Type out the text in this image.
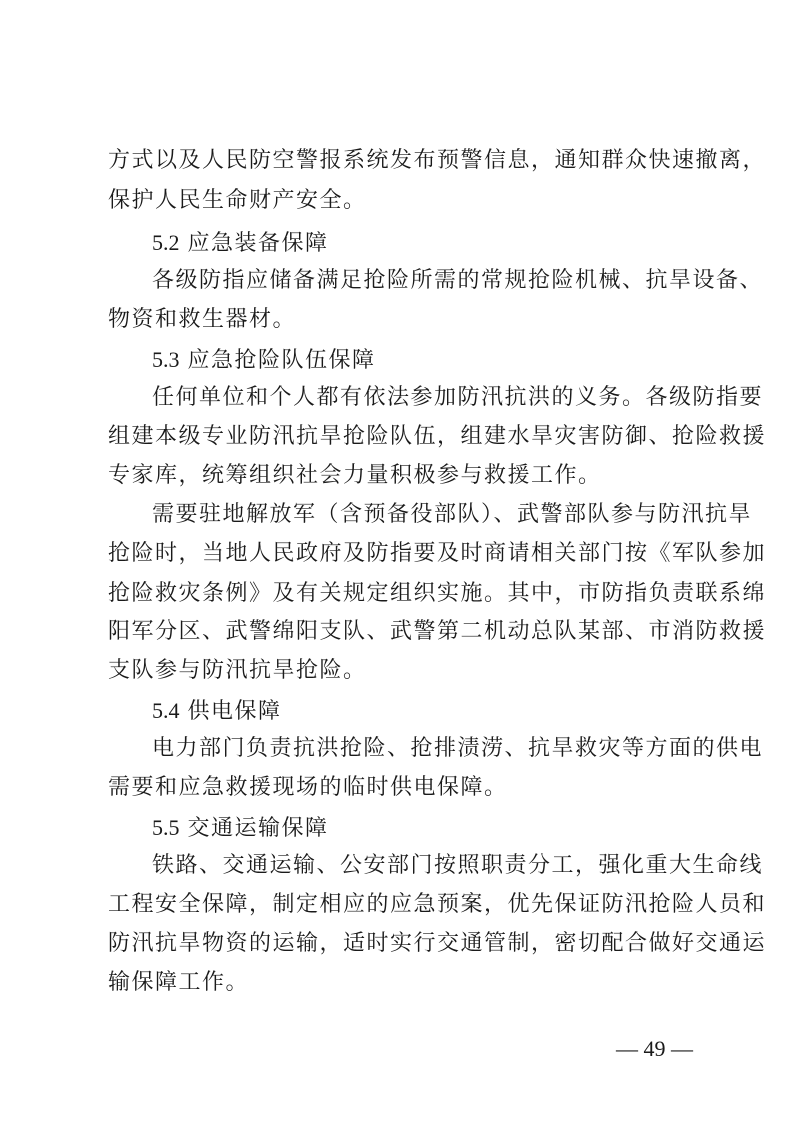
方式以及人民防空警报系统发布预警信息，通知群众快速撤离，
保护人民生命财产安全。
5.2 应急装备保障
各级防指应储备满足抢险所需的常规抢险机械、抗旱设备、
物资和救生器材。
5.3 应急抢险队伍保障
任何单位和个人都有依法参加防汛抗洪的义务。各级防指要
组建本级专业防汛抗旱抢险队伍，组建水旱灾害防御、抢险救援
专家库，统筹组织社会力量积极参与救援工作。
需要驻地解放军（含预备役部队）、武警部队参与防汛抗旱
抢险时，当地人民政府及防指要及时商请相关部门按《军队参加
抢险救灾条例》及有关规定组织实施。其中，市防指负责联系绵
阳军分区、武警绵阳支队、武警第二机动总队某部、市消防救援
支队参与防汛抗旱抢险。
5.4 供电保障
电力部门负责抗洪抢险、抢排渍涝、抗旱救灾等方面的供电
需要和应急救援现场的临时供电保障。
5.5 交通运输保障
铁路、交通运输、公安部门按照职责分工，强化重大生命线
工程安全保障，制定相应的应急预案，优先保证防汛抢险人员和
防汛抗旱物资的运输，适时实行交通管制，密切配合做好交通运
输保障工作。
— 49 —
